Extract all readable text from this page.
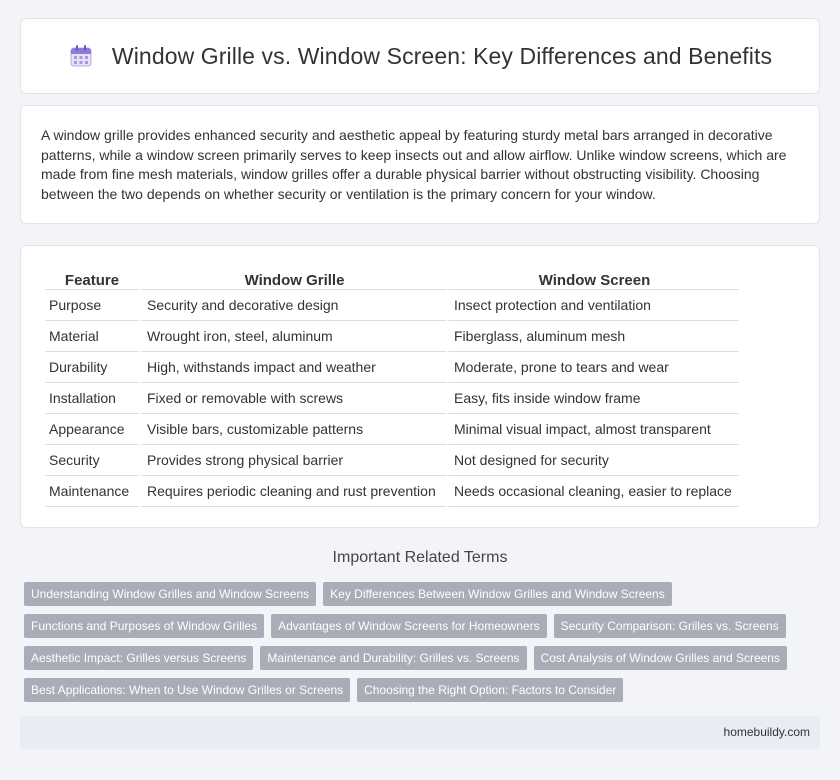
Window Grille vs. Window Screen: Key Differences and Benefits

A window grille provides enhanced security and aesthetic appeal by featuring sturdy metal bars arranged in decorative patterns, while a window screen primarily serves to keep insects out and allow airflow. Unlike window screens, which are made from fine mesh materials, window grilles offer a durable physical barrier without obstructing visibility. Choosing between the two depends on whether security or ventilation is the primary concern for your window.

Feature	Window Grille	Window Screen
Purpose	Security and decorative design	Insect protection and ventilation
Material	Wrought iron, steel, aluminum	Fiberglass, aluminum mesh
Durability	High, withstands impact and weather	Moderate, prone to tears and wear
Installation	Fixed or removable with screws	Easy, fits inside window frame
Appearance	Visible bars, customizable patterns	Minimal visual impact, almost transparent
Security	Provides strong physical barrier	Not designed for security
Maintenance	Requires periodic cleaning and rust prevention	Needs occasional cleaning, easier to replace
Important Related Terms
Understanding Window Grilles and Window Screens	Key Differences Between Window Grilles and Window Screens
Functions and Purposes of Window Grilles	Advantages of Window Screens for Homeowners	Security Comparison: Grilles vs. Screens
Aesthetic Impact: Grilles versus Screens	Maintenance and Durability: Grilles vs. Screens	Cost Analysis of Window Grilles and Screens
Best Applications: When to Use Window Grilles or Screens	Choosing the Right Option: Factors to Consider
homebuildy.com
